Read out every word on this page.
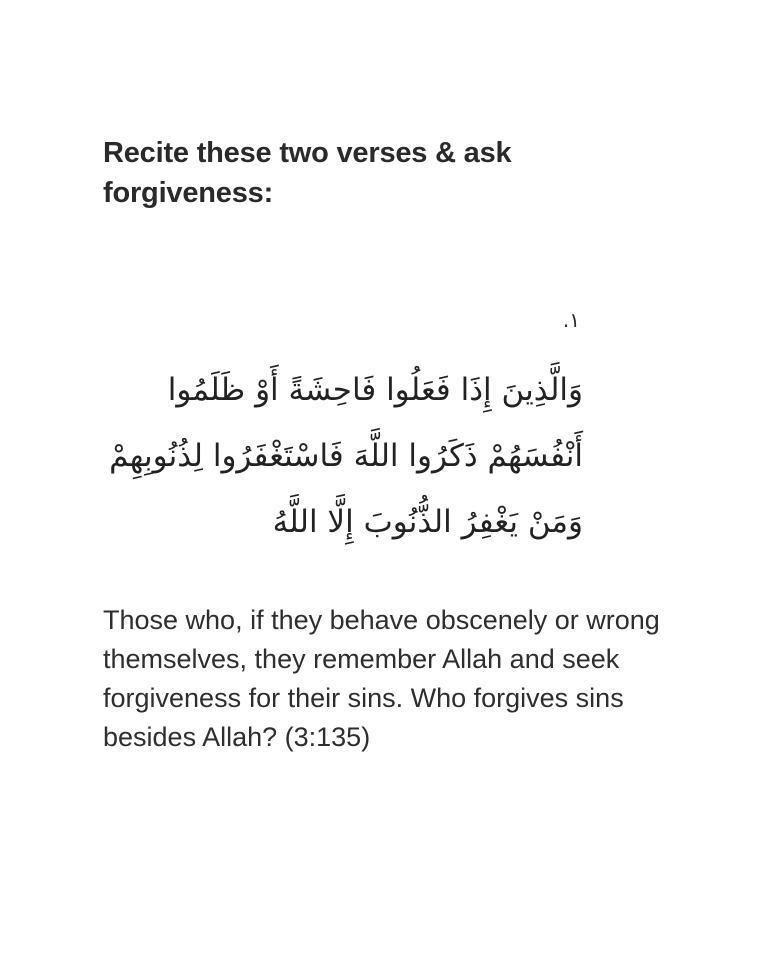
Recite these two verses & ask forgiveness:
١.

وَالَّذِينَ إِذَا فَعَلُوا فَاحِشَةً أَوْ ظَلَمُوا أَنْفُسَهُمْ ذَكَرُوا اللَّهَ فَاسْتَغْفَرُوا لِذُنُوبِهِمْ وَمَنْ يَغْفِرُ الذُّنُوبَ إِلَّا اللَّهُ

Those who, if they behave obscenely or wrong themselves, they remember Allah and seek forgiveness for their sins. Who forgives sins besides Allah? (3:135)
